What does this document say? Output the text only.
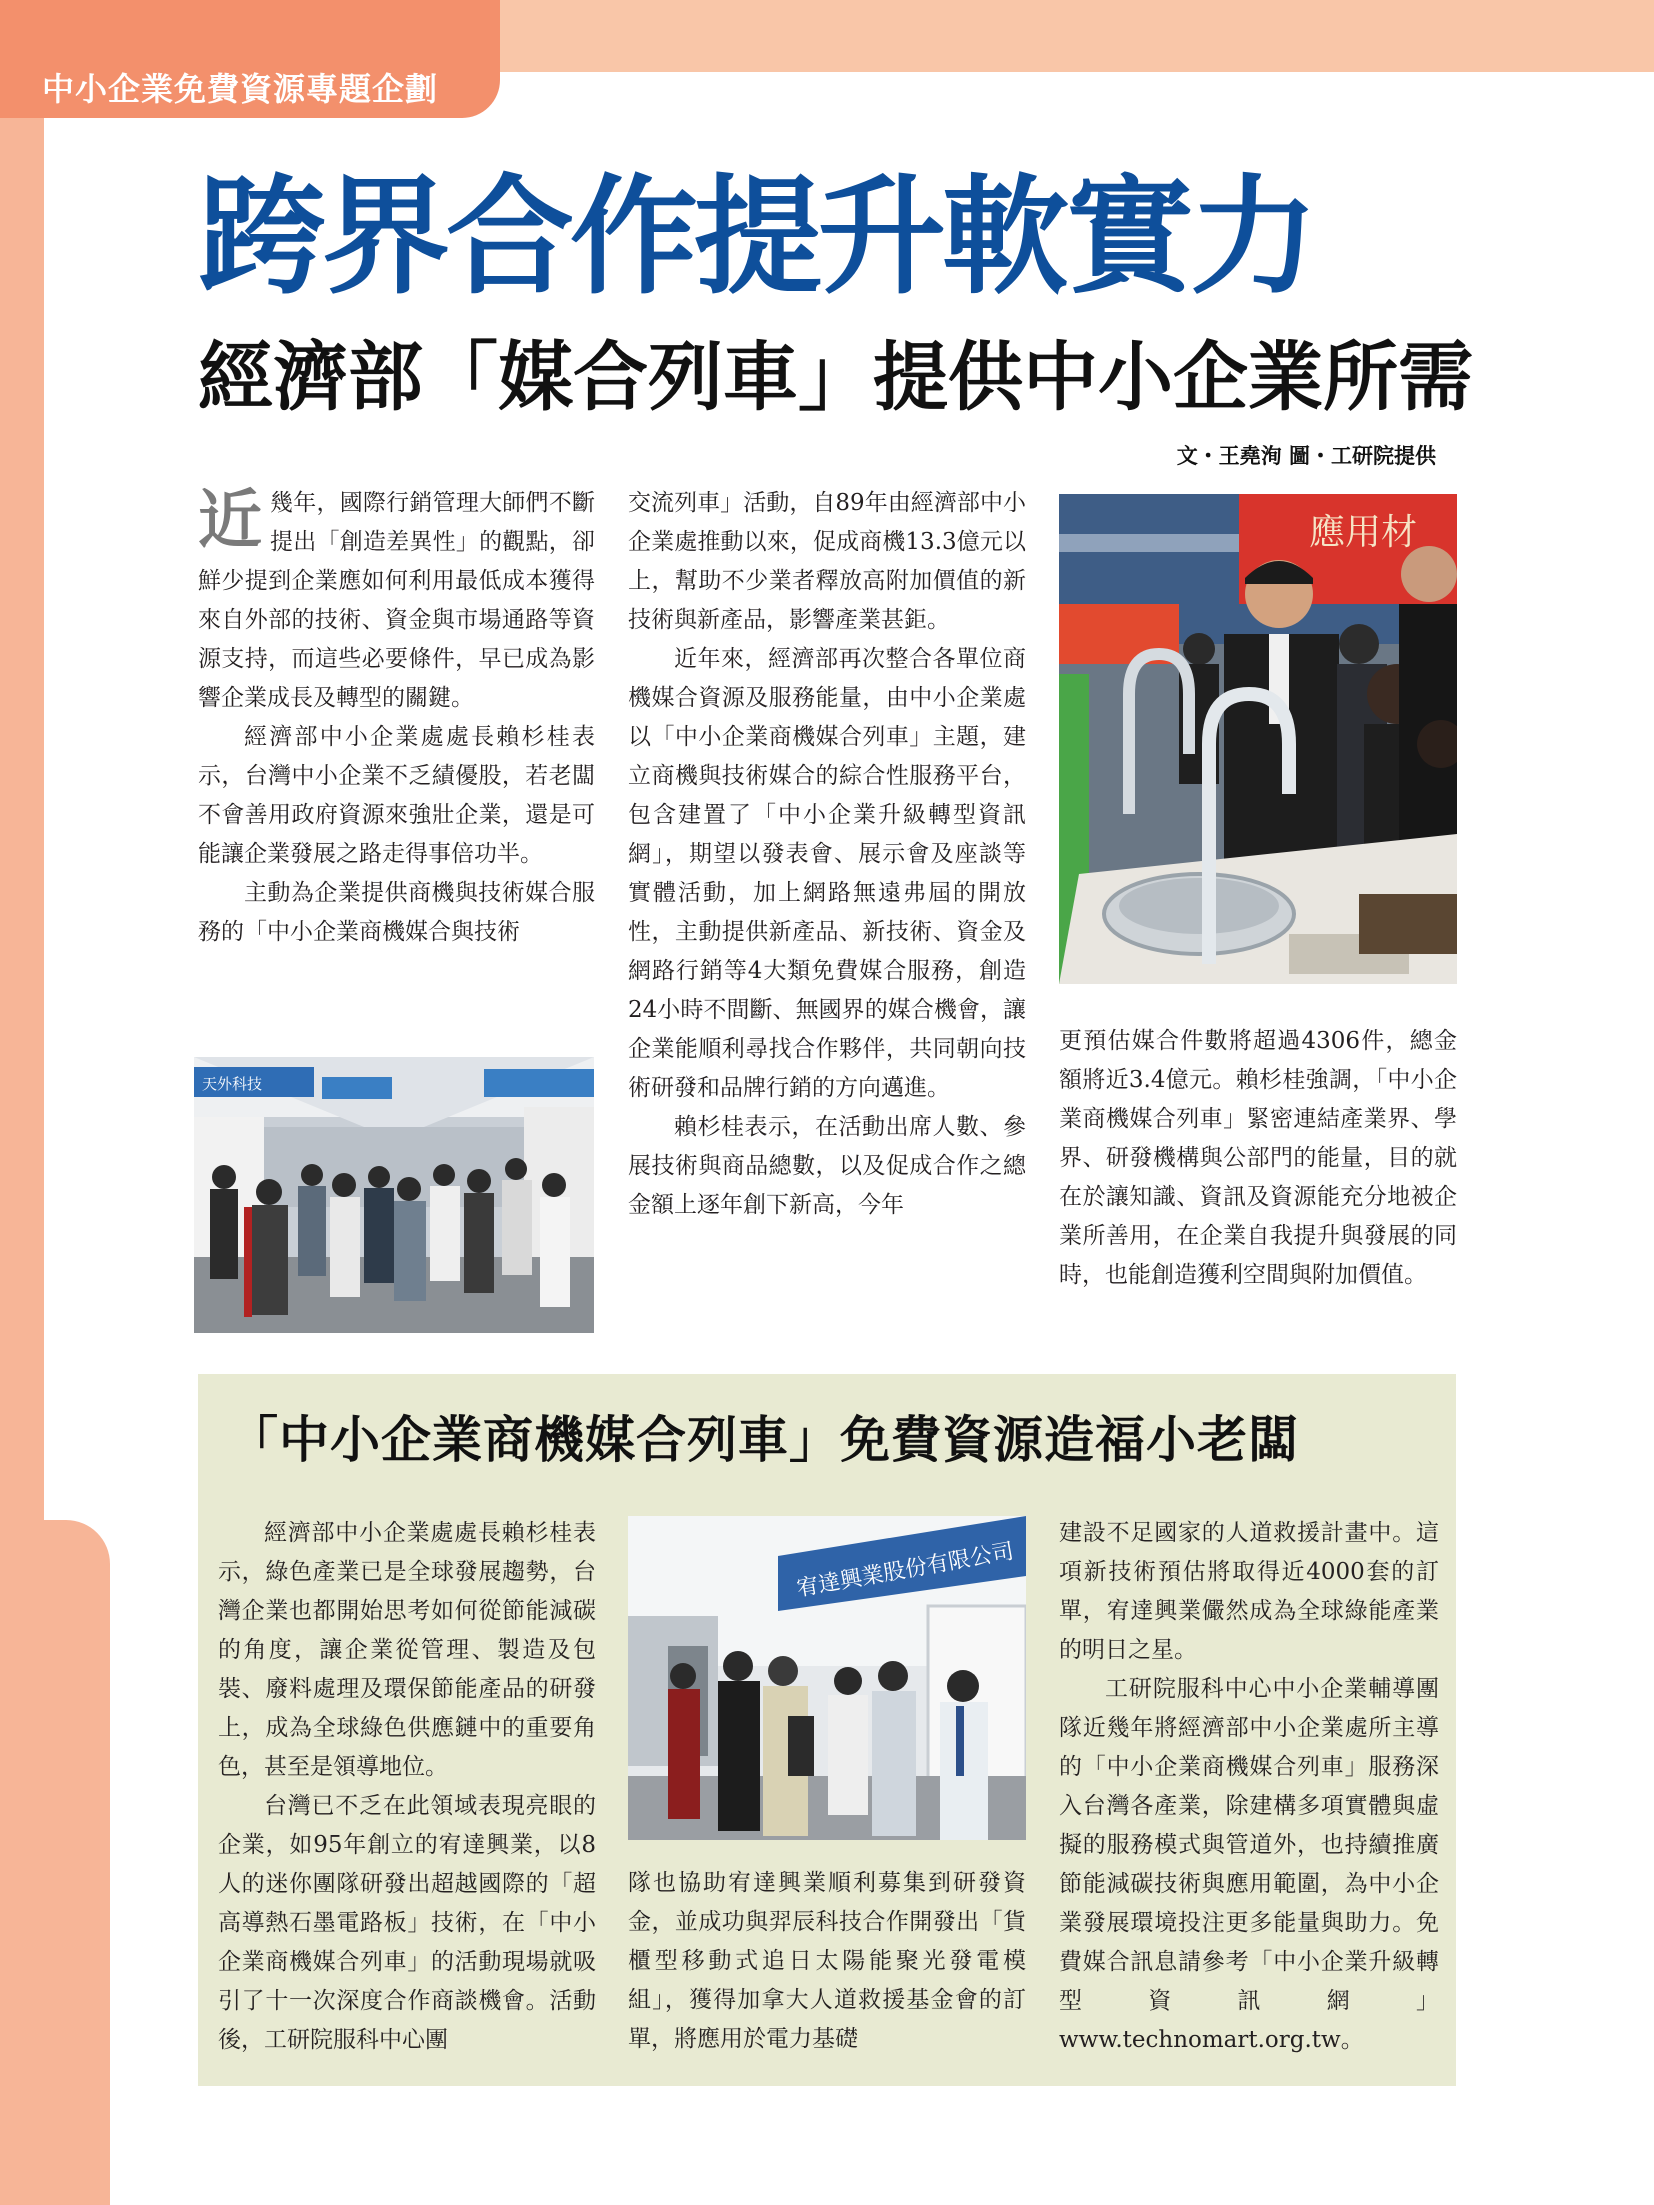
中小企業免費資源專題企劃
跨界合作提升軟實力
經濟部「媒合列車」提供中小企業所需
文・王堯洵 圖・工研院提供

近幾年，國際行銷管理大師們不斷提出「創造差異性」的觀點，卻鮮少提到企業應如何利用最低成本獲得來自外部的技術、資金與市場通路等資源支持，而這些必要條件，早已成為影響企業成長及轉型的關鍵。

經濟部中小企業處處長賴杉桂表示，台灣中小企業不乏績優股，若老闆不會善用政府資源來強壯企業，還是可能讓企業發展之路走得事倍功半。

主動為企業提供商機與技術媒合服務的「中小企業商機媒合與技術

天外科技

交流列車」活動，自89年由經濟部中小企業處推動以來，促成商機13.3億元以上，幫助不少業者釋放高附加價值的新技術與新產品，影響產業甚鉅。

近年來，經濟部再次整合各單位商機媒合資源及服務能量，由中小企業處以「中小企業商機媒合列車」主題，建立商機與技術媒合的綜合性服務平台，包含建置了「中小企業升級轉型資訊網」，期望以發表會、展示會及座談等實體活動，加上網路無遠弗屆的開放性，主動提供新產品、新技術、資金及網路行銷等4大類免費媒合服務，創造24小時不間斷、無國界的媒合機會，讓企業能順利尋找合作夥伴，共同朝向技術研發和品牌行銷的方向邁進。

賴杉桂表示，在活動出席人數、參展技術與商品總數，以及促成合作之總金額上逐年創下新高，今年

應用材

更預估媒合件數將超過4306件，總金額將近3.4億元。賴杉桂強調，「中小企業商機媒合列車」緊密連結產業界、學界、研發機構與公部門的能量，目的就在於讓知識、資訊及資源能充分地被企業所善用，在企業自我提升與發展的同時，也能創造獲利空間與附加價值。

「中小企業商機媒合列車」免費資源造福小老闆

經濟部中小企業處處長賴杉桂表示，綠色產業已是全球發展趨勢，台灣企業也都開始思考如何從節能減碳的角度，讓企業從管理、製造及包裝、廢料處理及環保節能產品的研發上，成為全球綠色供應鏈中的重要角色，甚至是領導地位。

台灣已不乏在此領域表現亮眼的企業，如95年創立的宥達興業，以8人的迷你團隊研發出超越國際的「超高導熱石墨電路板」技術，在「中小企業商機媒合列車」的活動現場就吸引了十一次深度合作商談機會。活動後，工研院服科中心團

宥達興業股份有限公司

隊也協助宥達興業順利募集到研發資金，並成功與羿辰科技合作開發出「貨櫃型移動式追日太陽能聚光發電模組」，獲得加拿大人道救援基金會的訂單，將應用於電力基礎

建設不足國家的人道救援計畫中。這項新技術預估將取得近4000套的訂單，宥達興業儼然成為全球綠能產業的明日之星。

工研院服科中心中小企業輔導團隊近幾年將經濟部中小企業處所主導的「中小企業商機媒合列車」服務深入台灣各產業，除建構多項實體與虛擬的服務模式與管道外，也持續推廣節能減碳技術與應用範圍，為中小企業發展環境投注更多能量與助力。免費媒合訊息請參考「中小企業升級轉型資訊網」www.technomart.org.tw。
